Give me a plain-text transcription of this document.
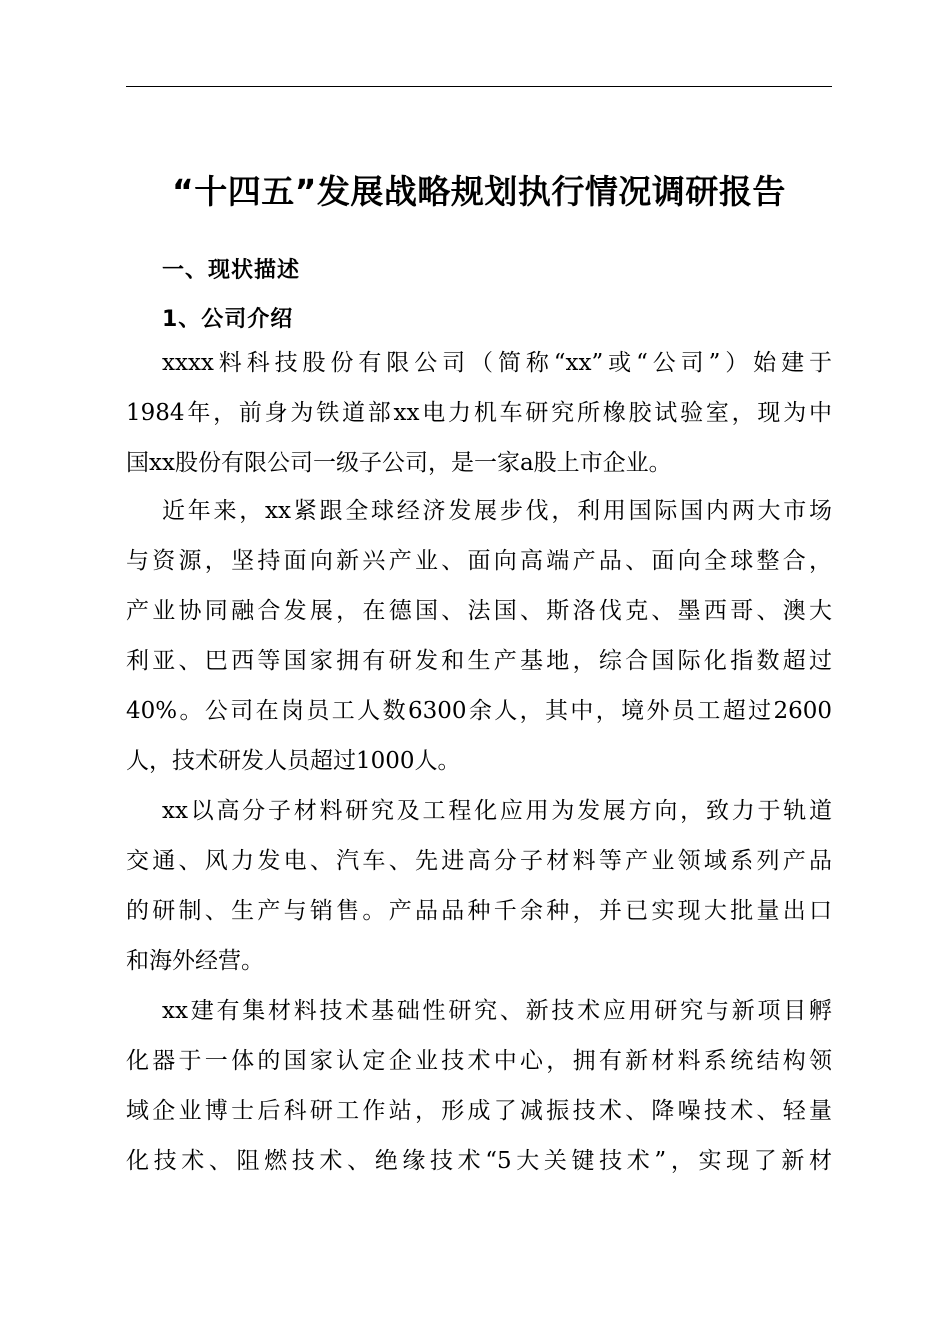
“十四五”发展战略规划执行情况调研报告
一、现状描述
1、公司介绍
xxxx料科技股份有限公司（简称“xx”或“公司”）始建于
1984年，前身为铁道部xx电力机车研究所橡胶试验室，现为中
国xx股份有限公司一级子公司，是一家a股上市企业。
近年来，xx紧跟全球经济发展步伐，利用国际国内两大市场
与资源，坚持面向新兴产业、面向高端产品、面向全球整合，
产业协同融合发展，在德国、法国、斯洛伐克、墨西哥、澳大
利亚、巴西等国家拥有研发和生产基地，综合国际化指数超过
40%。公司在岗员工人数6300余人，其中，境外员工超过2600
人，技术研发人员超过1000人。
xx以高分子材料研究及工程化应用为发展方向，致力于轨道
交通、风力发电、汽车、先进高分子材料等产业领域系列产品
的研制、生产与销售。产品品种千余种，并已实现大批量出口
和海外经营。
xx建有集材料技术基础性研究、新技术应用研究与新项目孵
化器于一体的国家认定企业技术中心，拥有新材料系统结构领
域企业博士后科研工作站，形成了减振技术、降噪技术、轻量
化技术、阻燃技术、绝缘技术“5大关键技术”，实现了新材
